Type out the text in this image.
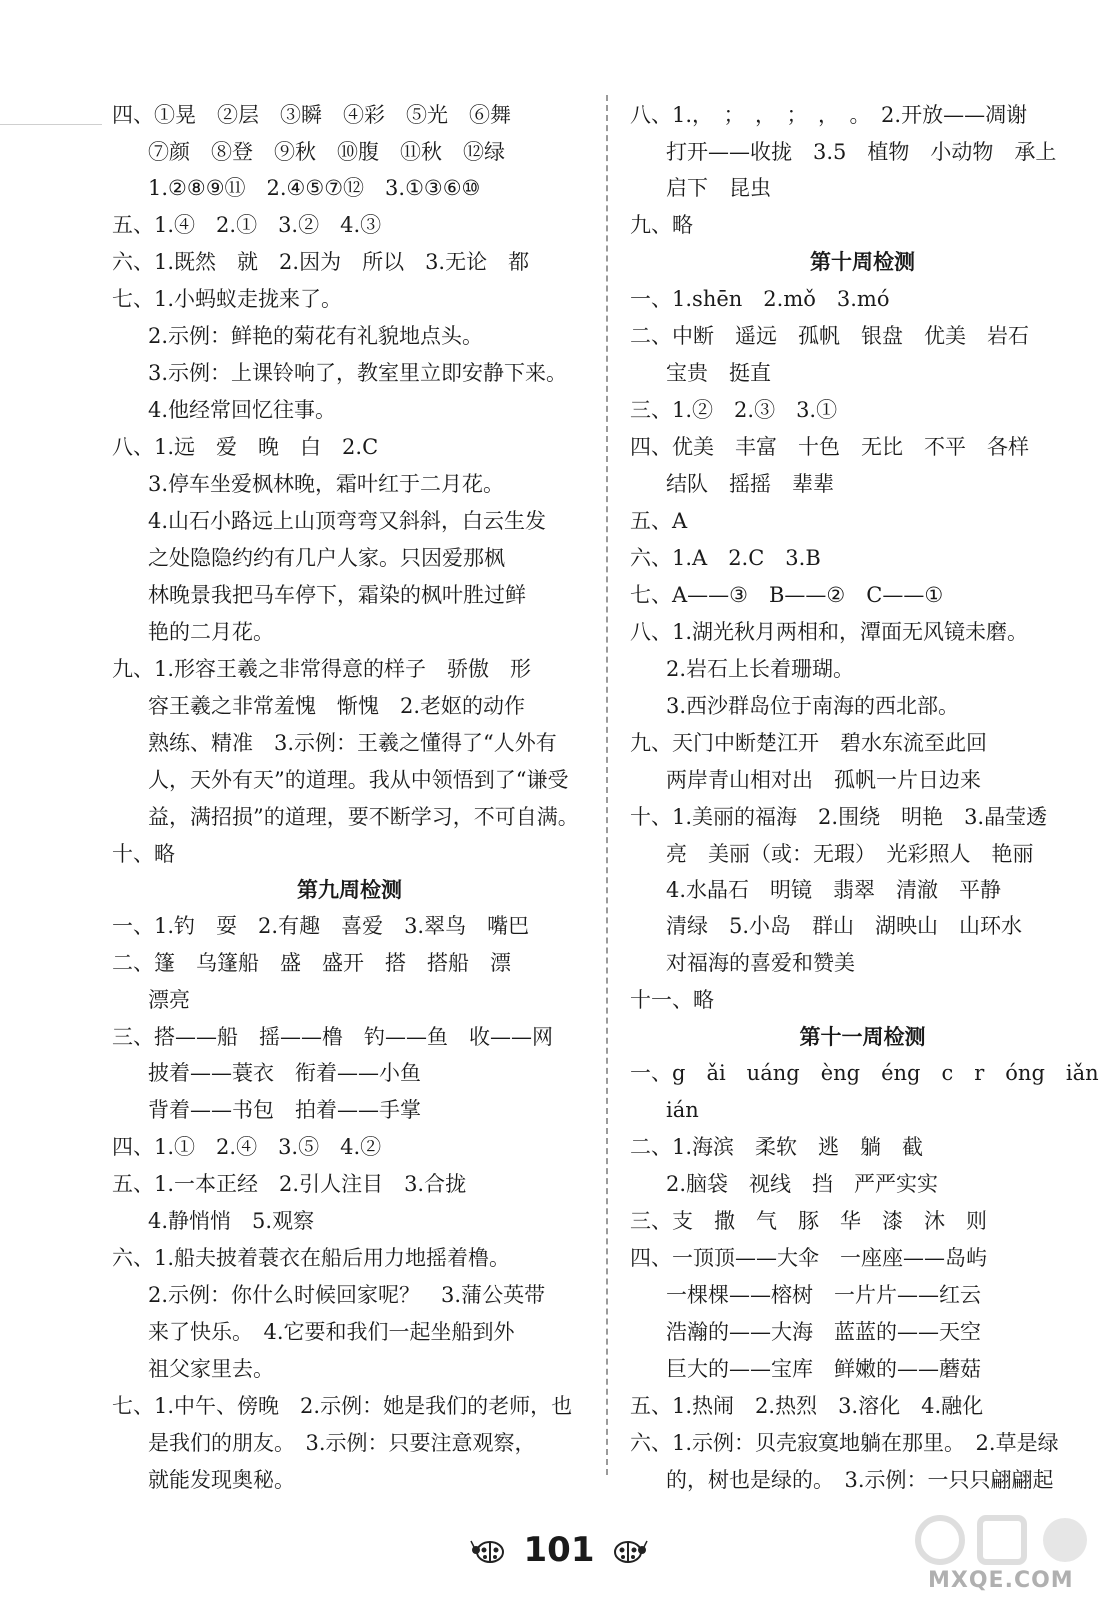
四、①晃　②层　③瞬　④彩　⑤光　⑥舞
⑦颜　⑧登　⑨秋　⑩腹　⑪秋　⑫绿
1.②⑧⑨⑪　2.④⑤⑦⑫　3.①③⑥⑩
五、1.④　2.①　3.②　4.③
六、1.既然　就　2.因为　所以　3.无论　都
七、1.小蚂蚁走拢来了。
2.示例：鲜艳的菊花有礼貌地点头。
3.示例：上课铃响了，教室里立即安静下来。
4.他经常回忆往事。
八、1.远　爱　晚　白　2.C
3.停车坐爱枫林晚，霜叶红于二月花。
4.山石小路远上山顶弯弯又斜斜，白云生发
之处隐隐约约有几户人家。只因爱那枫
林晚景我把马车停下，霜染的枫叶胜过鲜
艳的二月花。
九、1.形容王羲之非常得意的样子　骄傲　形
容王羲之非常羞愧　惭愧　2.老妪的动作
熟练、精准　3.示例：王羲之懂得了“人外有
人，天外有天”的道理。我从中领悟到了“谦受
益，满招损”的道理，要不断学习，不可自满。
十、略
第九周检测
一、1.钓　耍　2.有趣　喜爱　3.翠鸟　嘴巴
二、篷　乌篷船　盛　盛开　搭　搭船　漂
漂亮
三、搭——船　摇——橹　钓——鱼　收——网
披着——蓑衣　衔着——小鱼
背着——书包　拍着——手掌
四、1.①　2.④　3.⑤　4.②
五、1.一本正经　2.引人注目　3.合拢
4.静悄悄　5.观察
六、1.船夫披着蓑衣在船后用力地摇着橹。
2.示例：你什么时候回家呢？　3.蒲公英带
来了快乐。　4.它要和我们一起坐船到外
祖父家里去。
七、1.中午、傍晚　2.示例：她是我们的老师，也
是我们的朋友。　3.示例：只要注意观察，
就能发现奥秘。
八、1.，　；　，　；　，　。　2.开放——凋谢
打开——收拢　3.5　植物　小动物　承上
启下　昆虫
九、略
第十周检测
一、1.shēn　2.mǒ　3.mó
二、中断　遥远　孤帆　银盘　优美　岩石
宝贵　挺直
三、1.②　2.③　3.①
四、优美　丰富　十色　无比　不平　各样
结队　摇摇　辈辈
五、A
六、1.A　2.C　3.B
七、A——③　B——②　C——①
八、1.湖光秋月两相和，潭面无风镜未磨。
2.岩石上长着珊瑚。
3.西沙群岛位于南海的西北部。
九、天门中断楚江开　碧水东流至此回
两岸青山相对出　孤帆一片日边来
十、1.美丽的福海　2.围绕　明艳　3.晶莹透
亮　美丽（或：无瑕）　光彩照人　艳丽
4.水晶石　明镜　翡翠　清澈　平静
清绿　5.小岛　群山　湖映山　山环水
对福海的喜爱和赞美
十一、略
第十一周检测
一、g　ǎi　uáng　èng　éng　c　r　óng　iǎn
ián
二、1.海滨　柔软　逃　躺　截
2.脑袋　视线　挡　严严实实
三、支　撒　气　豚　华　漆　沐　则
四、一顶顶——大伞　一座座——岛屿
一棵棵——榕树　一片片——红云
浩瀚的——大海　蓝蓝的——天空
巨大的——宝库　鲜嫩的——蘑菇
五、1.热闹　2.热烈　3.溶化　4.融化
六、1.示例：贝壳寂寞地躺在那里。　2.草是绿
的，树也是绿的。　3.示例：一只只翩翩起
101
MXQE.COM
